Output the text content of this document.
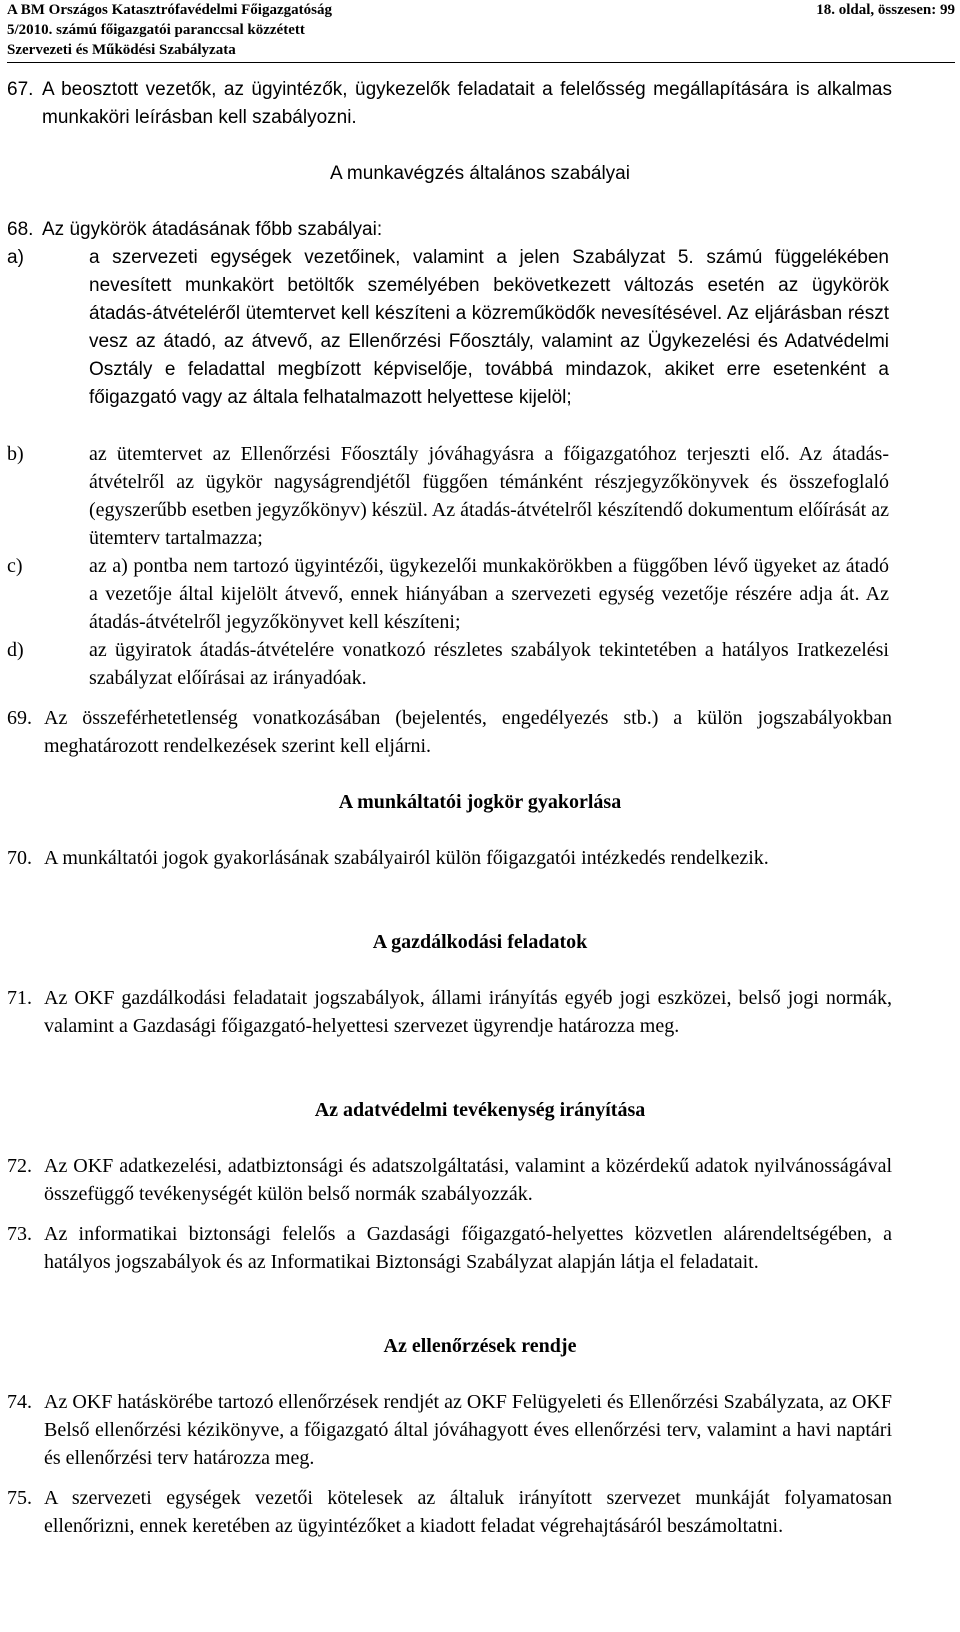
A BM Országos Katasztrófavédelmi Főigazgatóság
5/2010. számú főigazgatói paranccsal közzétett
Szervezeti és Működési Szabályzata
18. oldal, összesen: 99
67. A beosztott vezetők, az ügyintézők, ügykezelők feladatait a felelősség megállapítására is alkalmas munkaköri leírásban kell szabályozni.

A munkavégzés általános szabályai
68. Az ügykörök átadásának főbb szabályai:

a)	a szervezeti egységek vezetőinek, valamint a jelen Szabályzat 5. számú függelékében nevesített munkakört betöltők személyében bekövetkezett változás esetén az ügykörök átadás-átvételéről ütemtervet kell készíteni a közreműködők nevesítésével. Az eljárásban részt vesz az átadó, az átvevő, az Ellenőrzési Főosztály, valamint az Ügykezelési és Adatvédelmi Osztály e feladattal megbízott képviselője, továbbá mindazok, akiket erre esetenként a főigazgató vagy az általa felhatalmazott helyettese kijelöl;

b)	az ütemtervet az Ellenőrzési Főosztály jóváhagyásra a főigazgatóhoz terjeszti elő. Az átadás-átvételről az ügykör nagyságrendjétől függően témánként részjegyzőkönyvek és összefoglaló (egyszerűbb esetben jegyzőkönyv) készül. Az átadás-átvételről készítendő dokumentum előírását az ütemterv tartalmazza;

c)	az a) pontba nem tartozó ügyintézői, ügykezelői munkakörökben a függőben lévő ügyeket az átadó a vezetője által kijelölt átvevő, ennek hiányában a szervezeti egység vezetője részére adja át. Az átadás-átvételről jegyzőkönyvet kell készíteni;

d)	az ügyiratok átadás-átvételére vonatkozó részletes szabályok tekintetében a hatályos Iratkezelési szabályzat előírásai az irányadóak.

69. Az összeférhetetlenség vonatkozásában (bejelentés, engedélyezés stb.) a külön jogszabályokban meghatározott rendelkezések szerint kell eljárni.

A munkáltatói jogkör gyakorlása
70. A munkáltatói jogok gyakorlásának szabályairól külön főigazgatói intézkedés rendelkezik.

A gazdálkodási feladatok
71. Az OKF gazdálkodási feladatait jogszabályok, állami irányítás egyéb jogi eszközei, belső jogi normák, valamint a Gazdasági főigazgató-helyettesi szervezet ügyrendje határozza meg.

Az adatvédelmi tevékenység irányítása
72. Az OKF adatkezelési, adatbiztonsági és adatszolgáltatási, valamint a közérdekű adatok nyilvánosságával összefüggő tevékenységét külön belső normák szabályozzák.

73. Az informatikai biztonsági felelős a Gazdasági főigazgató-helyettes közvetlen alárendeltségében, a hatályos jogszabályok és az Informatikai Biztonsági Szabályzat alapján látja el feladatait.

Az ellenőrzések rendje
74. Az OKF hatáskörébe tartozó ellenőrzések rendjét az OKF Felügyeleti és Ellenőrzési Szabályzata, az OKF Belső ellenőrzési kézikönyve, a főigazgató által jóváhagyott éves ellenőrzési terv, valamint a havi naptári és ellenőrzési terv határozza meg.

75. A szervezeti egységek vezetői kötelesek az általuk irányított szervezet munkáját folyamatosan ellenőrizni, ennek keretében az ügyintézőket a kiadott feladat végrehajtásáról beszámoltatni.
